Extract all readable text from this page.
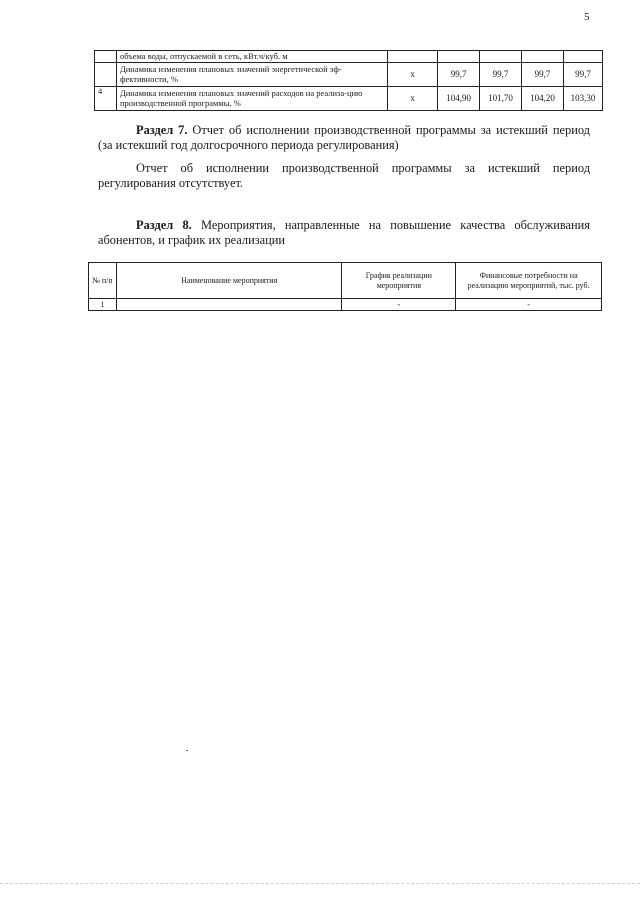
5
	объема воды, отпускаемой в сеть, кВт.ч/куб. м					
	Динамика изменения плановых значений энергетической эф-фективности, %	х	99,7	99,7	99,7	99,7
4	Динамика изменения плановых значений расходов на реализа-цию производственной программы, %	х	104,90	101,70	104,20	103,30
Раздел 7. Отчет об исполнении производственной программы за истекший период (за истекший год долгосрочного периода регулирования)
Отчет об исполнении производственной программы за истекший период регулирования отсутствует.
Раздел 8. Мероприятия, направленные на повышение качества обслуживания абонентов, и график их реализации
№ п/п	Наименование мероприятия	График реализации мероприятия	Финансовые потребности на реализацию мероприятий, тыс. руб.
1		-	-
